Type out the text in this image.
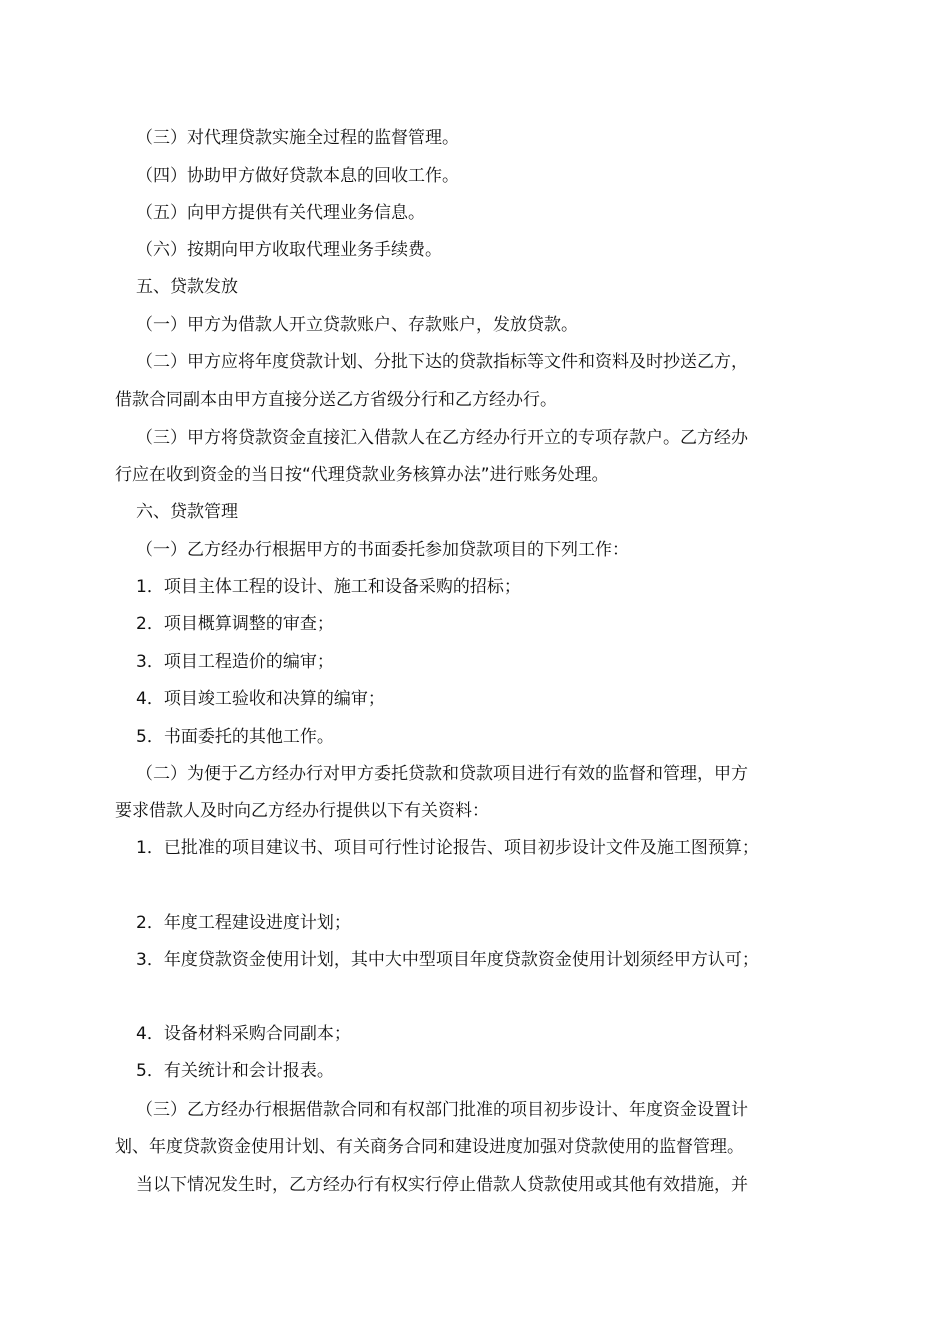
（三）对代理贷款实施全过程的监督管理。
（四）协助甲方做好贷款本息的回收工作。
（五）向甲方提供有关代理业务信息。
（六）按期向甲方收取代理业务手续费。
五、贷款发放
（一）甲方为借款人开立贷款账户、存款账户，发放贷款。
（二）甲方应将年度贷款计划、分批下达的贷款指标等文件和资料及时抄送乙方，
借款合同副本由甲方直接分送乙方省级分行和乙方经办行。
（三）甲方将贷款资金直接汇入借款人在乙方经办行开立的专项存款户。乙方经办
行应在收到资金的当日按“代理贷款业务核算办法”进行账务处理。
六、贷款管理
（一）乙方经办行根据甲方的书面委托参加贷款项目的下列工作：
1．项目主体工程的设计、施工和设备采购的招标；
2．项目概算调整的审查；
3．项目工程造价的编审；
4．项目竣工验收和决算的编审；
5．书面委托的其他工作。
（二）为便于乙方经办行对甲方委托贷款和贷款项目进行有效的监督和管理，甲方
要求借款人及时向乙方经办行提供以下有关资料：
1．已批准的项目建议书、项目可行性讨论报告、项目初步设计文件及施工图预算；
2．年度工程建设进度计划；
3．年度贷款资金使用计划，其中大中型项目年度贷款资金使用计划须经甲方认可；
4．设备材料采购合同副本；
5．有关统计和会计报表。
（三）乙方经办行根据借款合同和有权部门批准的项目初步设计、年度资金设置计
划、年度贷款资金使用计划、有关商务合同和建设进度加强对贷款使用的监督管理。
当以下情况发生时，乙方经办行有权实行停止借款人贷款使用或其他有效措施，并
